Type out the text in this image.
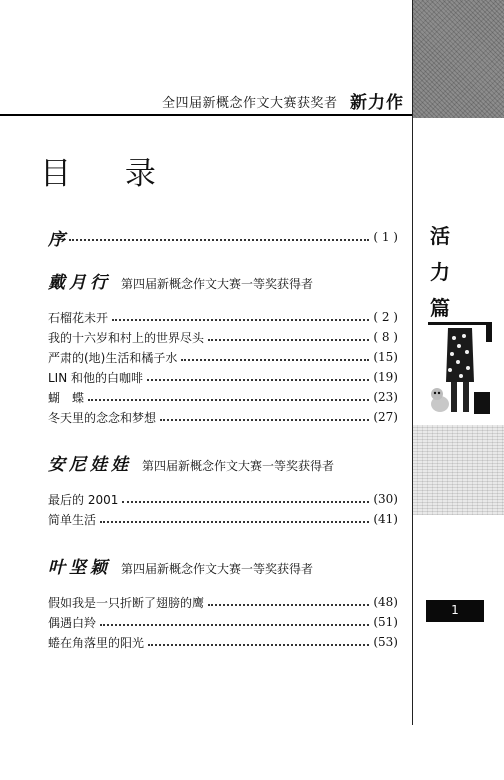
全四届新概念作文大赛获奖者 新力作
目 录
活
力
篇
1
序	( 1 )
戴月行 第四届新概念作文大赛一等奖获得者
石榴花未开	( 2 )
我的十六岁和村上的世界尽头	( 8 )
严肃的(地)生活和橘子水	(15)
LIN 和他的白咖啡	(19)
蝴　蝶	(23)
冬天里的念念和梦想	(27)
安尼娃娃 第四届新概念作文大赛一等奖获得者
最后的 2001	(30)
简单生活	(41)
叶坚颖 第四届新概念作文大赛一等奖获得者
假如我是一只折断了翅膀的鹰	(48)
偶遇白羚	(51)
蜷在角落里的阳光	(53)
